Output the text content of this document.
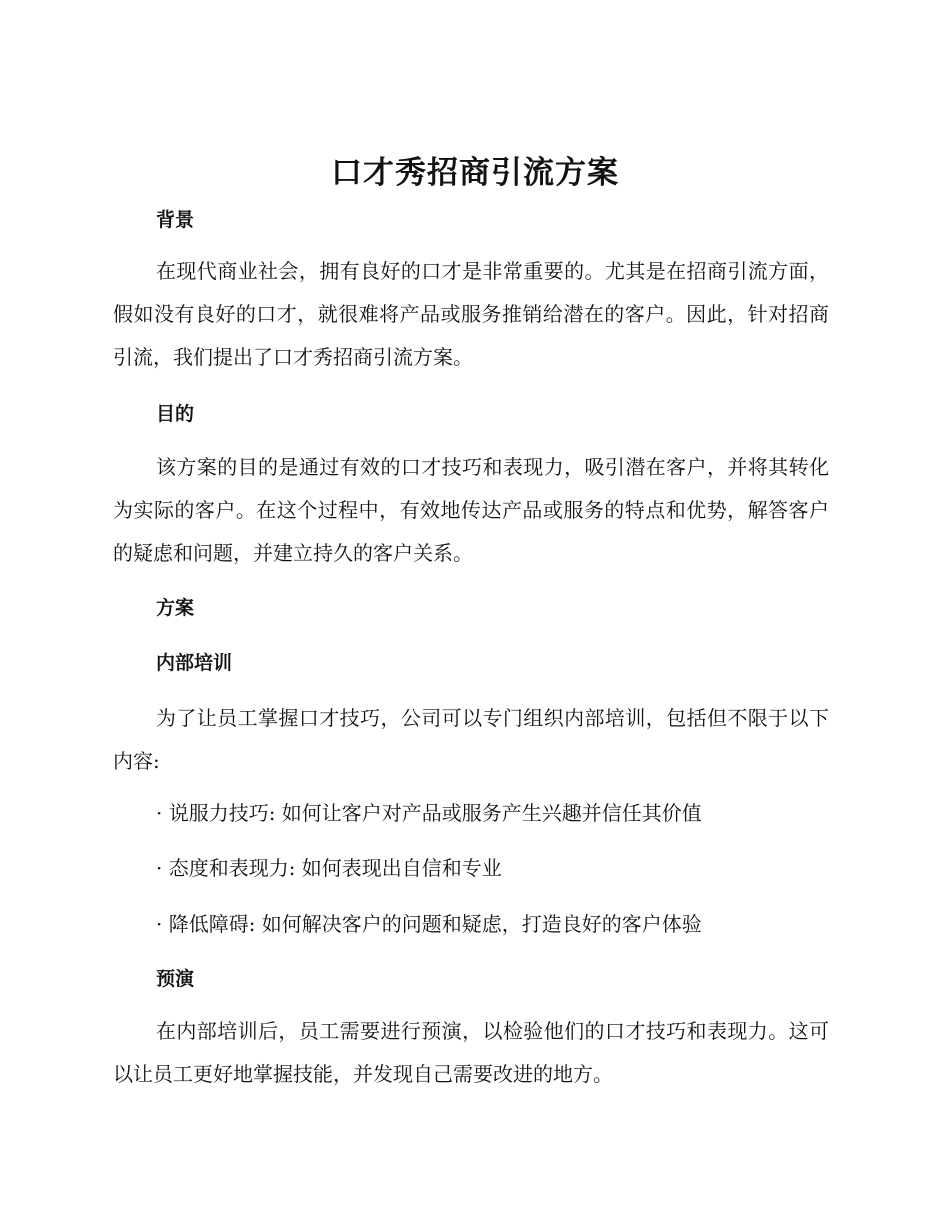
口才秀招商引流方案
背景

在现代商业社会，拥有良好的口才是非常重要的。尤其是在招商引流方面，假如没有良好的口才，就很难将产品或服务推销给潜在的客户。因此，针对招商引流，我们提出了口才秀招商引流方案。

目的

该方案的目的是通过有效的口才技巧和表现力，吸引潜在客户，并将其转化为实际的客户。在这个过程中，有效地传达产品或服务的特点和优势，解答客户的疑虑和问题，并建立持久的客户关系。

方案
内部培训

为了让员工掌握口才技巧，公司可以专门组织内部培训，包括但不限于以下内容:

· 说服力技巧: 如何让客户对产品或服务产生兴趣并信任其价值

· 态度和表现力: 如何表现出自信和专业

· 降低障碍: 如何解决客户的问题和疑虑，打造良好的客户体验

预演

在内部培训后，员工需要进行预演，以检验他们的口才技巧和表现力。这可以让员工更好地掌握技能，并发现自己需要改进的地方。
